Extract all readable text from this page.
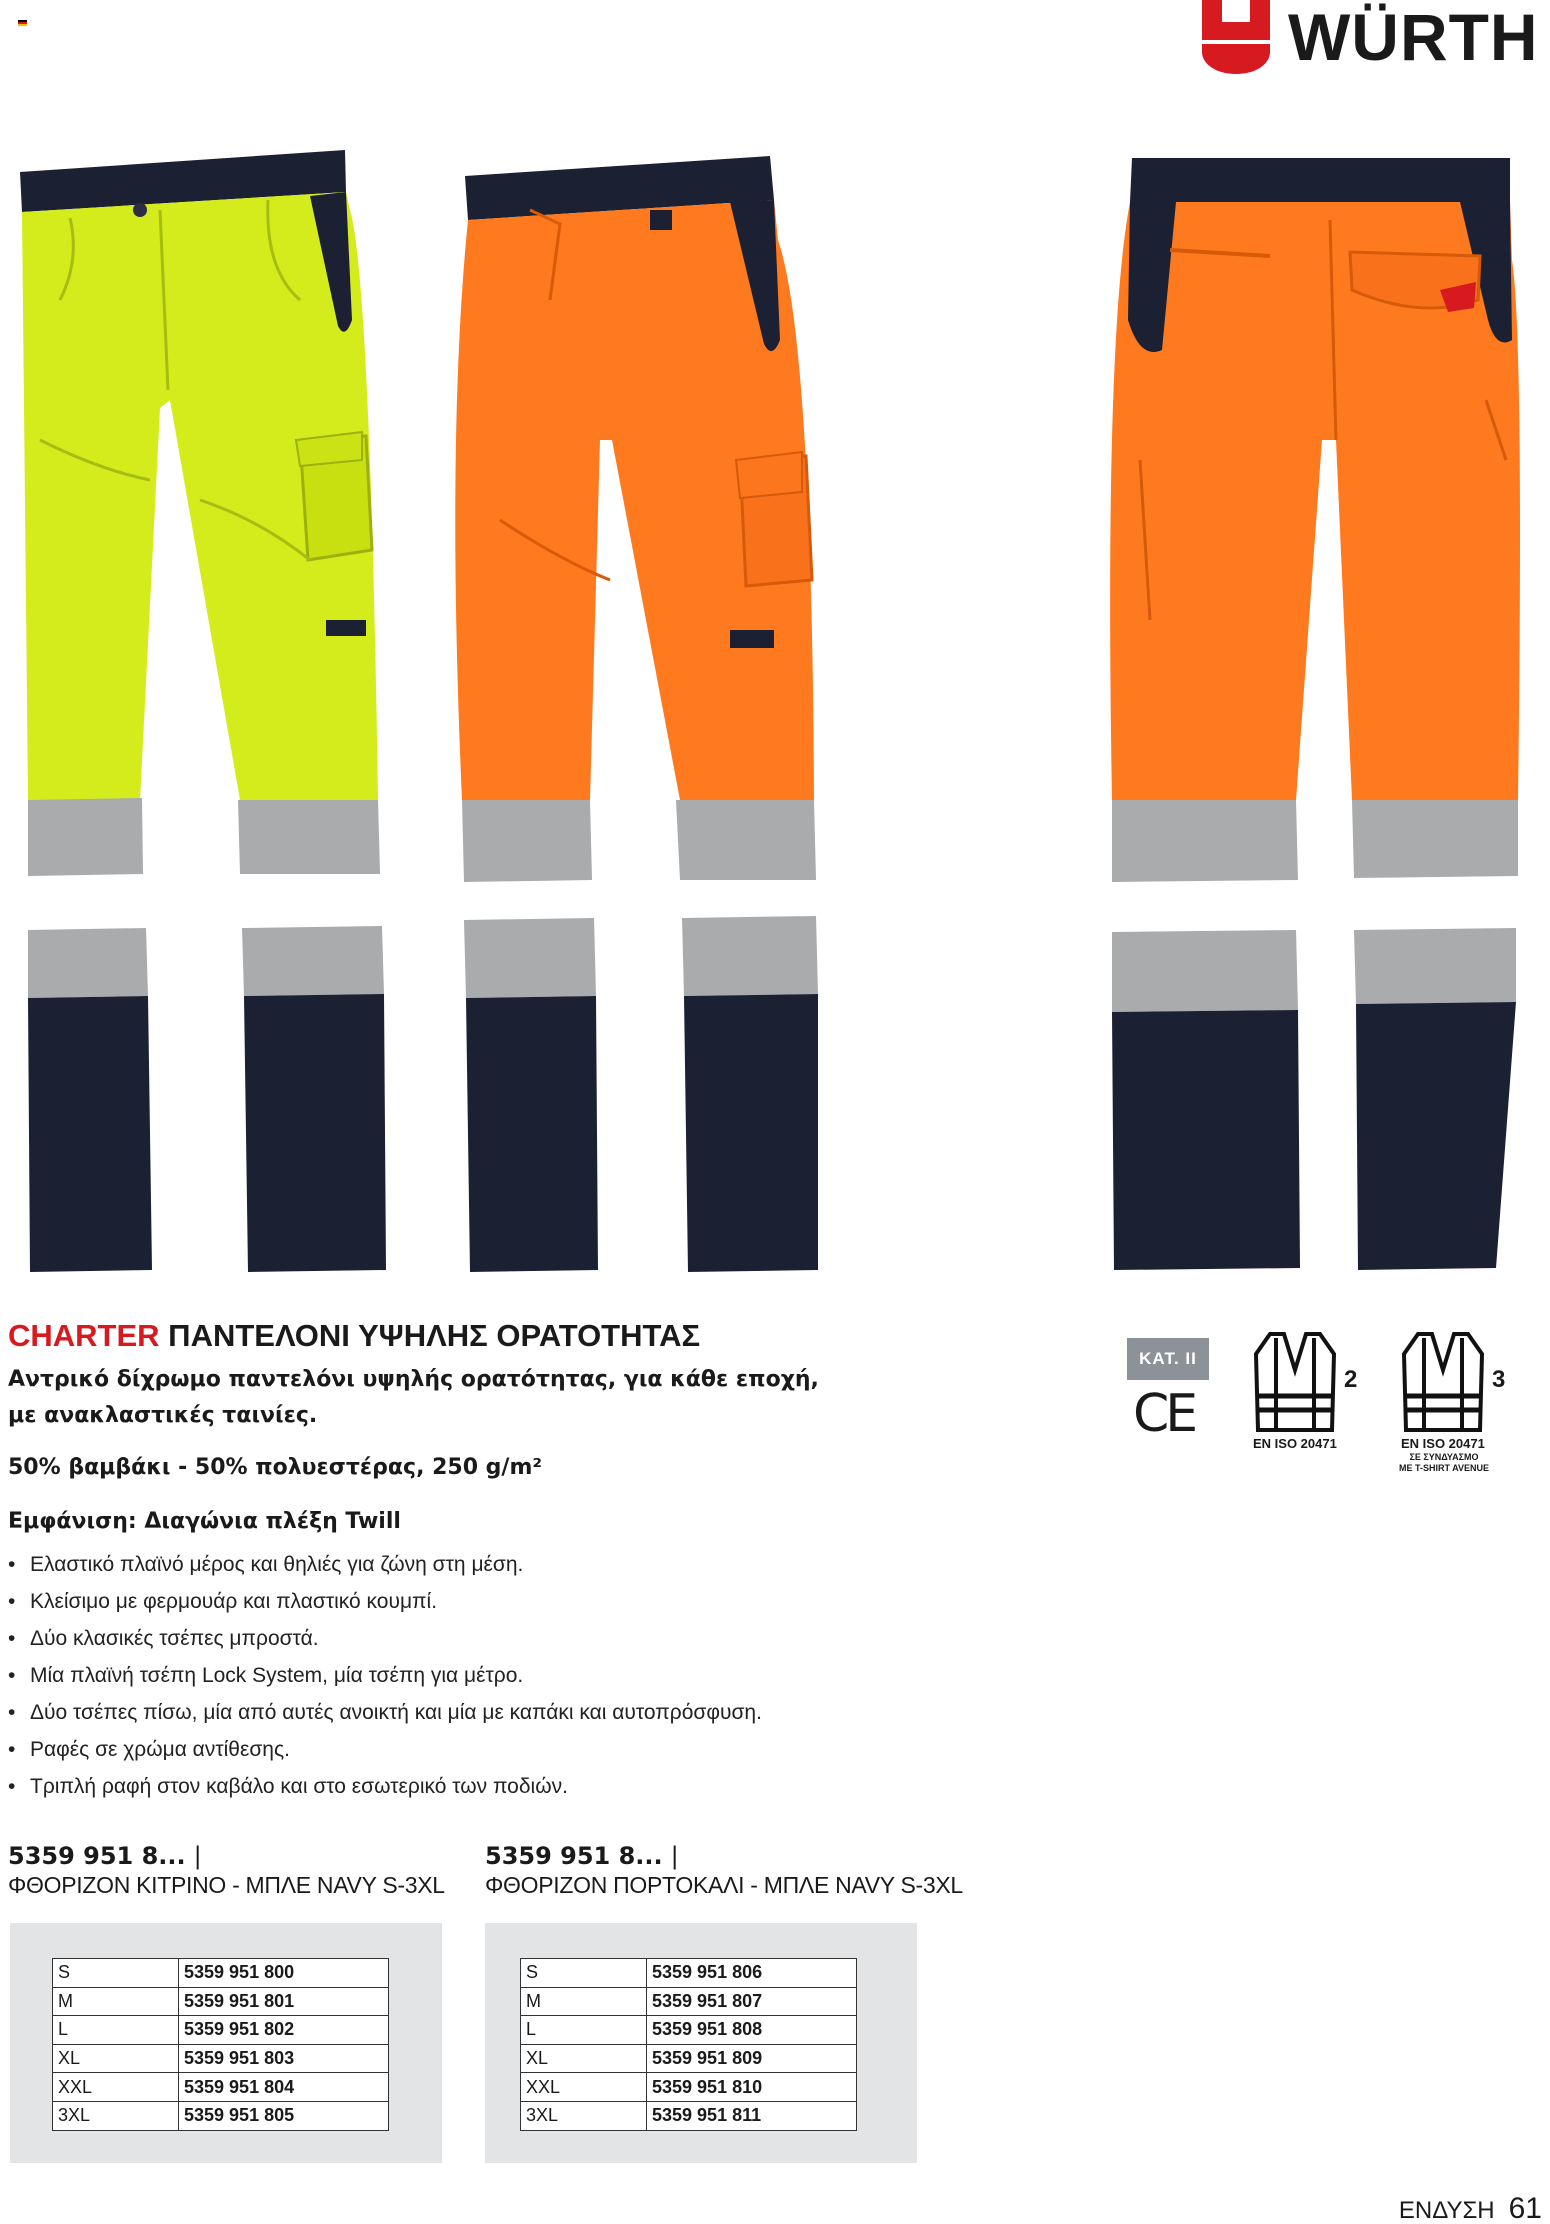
WÜRTH
CHARTER ΠΑΝΤΕΛΟΝΙ ΥΨΗΛΗΣ ΟΡΑΤΟΤΗΤΑΣ
Αντρικό δίχρωμο παντελόνι υψηλής ορατότητας, για κάθε εποχή,
με ανακλαστικές ταινίες.
50% βαμβάκι - 50% πολυεστέρας, 250 g/m²
Εμφάνιση: Διαγώνια πλέξη Twill
• Ελαστικό πλαϊνό μέρος και θηλιές για ζώνη στη μέση.
• Κλείσιμο με φερμουάρ και πλαστικό κουμπί.
• Δύο κλασικές τσέπες μπροστά.
• Μία πλαϊνή τσέπη Lock System, μία τσέπη για μέτρο.
• Δύο τσέπες πίσω, μία από αυτές ανοικτή και μία με καπάκι και αυτοπρόσφυση.
• Ραφές σε χρώμα αντίθεσης.
• Τριπλή ραφή στον καβάλο και στο εσωτερικό των ποδιών.
KAT. II
CE
2
EN ISO 20471
3
EN ISO 20471
ΣΕ ΣΥΝΔΥΑΣΜΟ
ΜΕ T-SHIRT AVENUE
5359 951 8... |
ΦΘΟΡΙΖΟΝ ΚΙΤΡΙΝΟ - ΜΠΛΕ NAVY S-3XL
S	5359 951 800
M	5359 951 801
L	5359 951 802
XL	5359 951 803
XXL	5359 951 804
3XL	5359 951 805
5359 951 8... |
ΦΘΟΡΙΖΟΝ ΠΟΡΤΟΚΑΛΙ - ΜΠΛΕ NAVY S-3XL
S	5359 951 806
M	5359 951 807
L	5359 951 808
XL	5359 951 809
XXL	5359 951 810
3XL	5359 951 811
ΕΝΔΥΣΗ 61
